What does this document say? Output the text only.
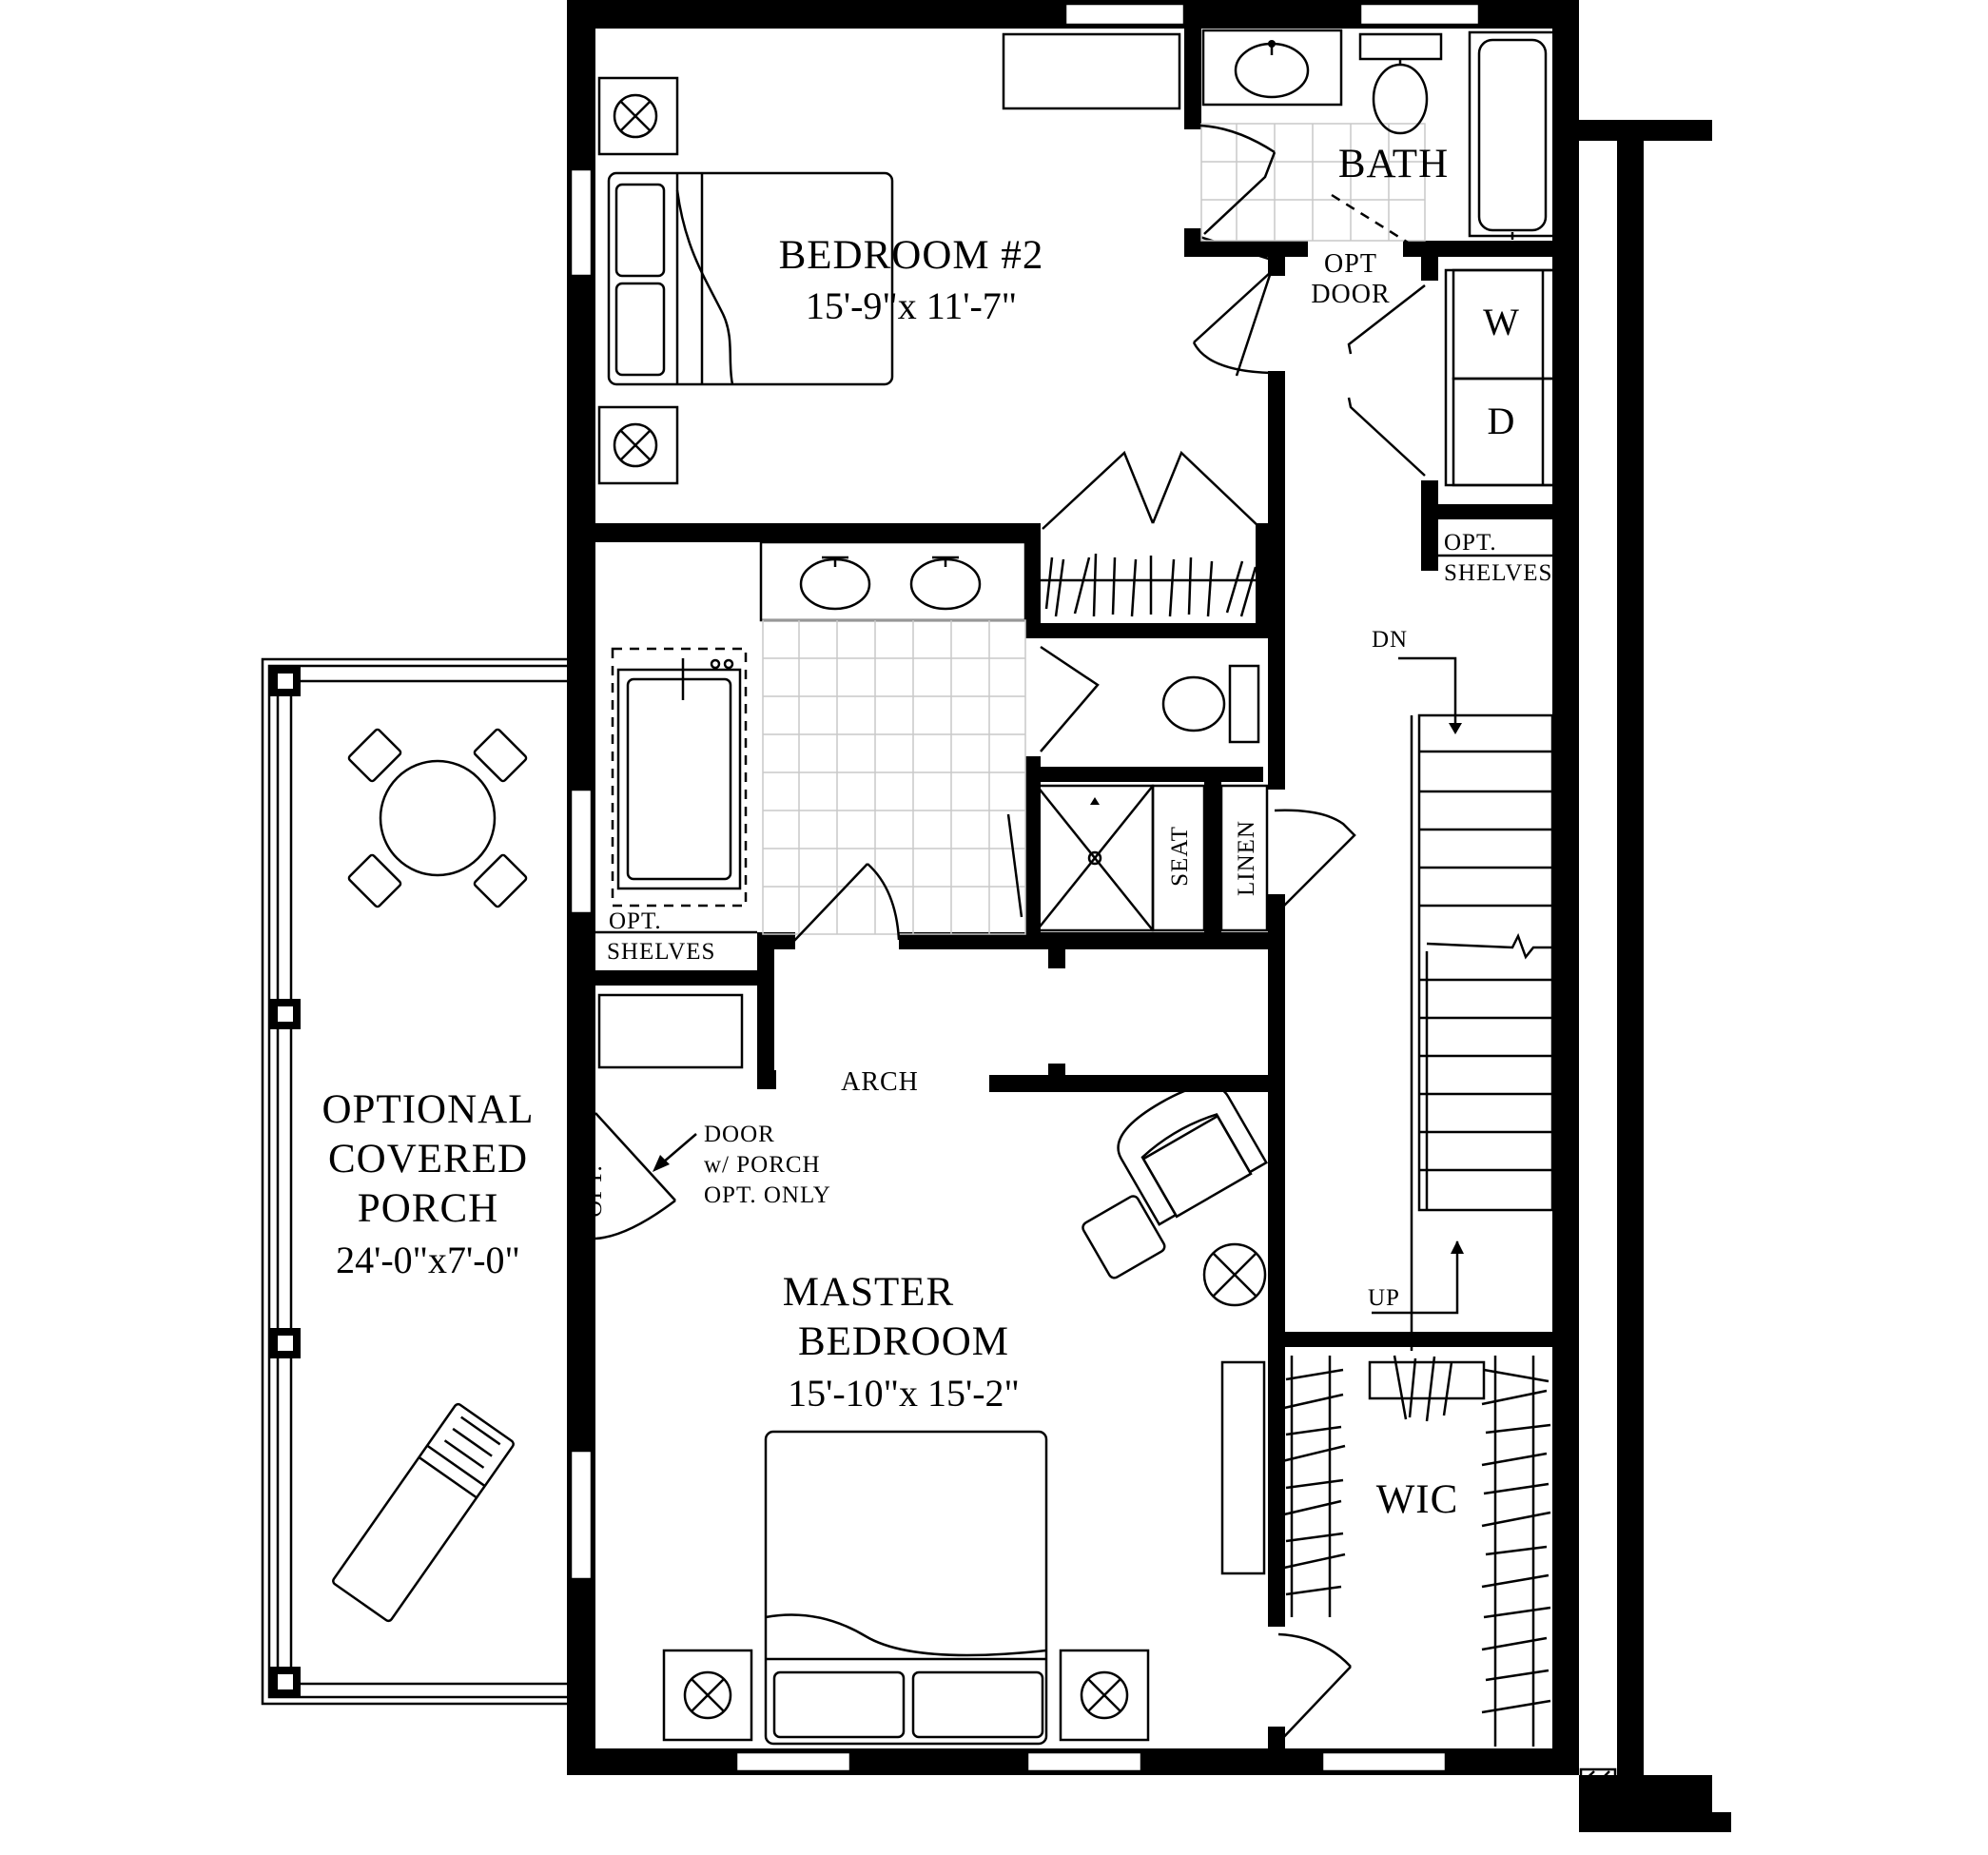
OPTIONAL
COVERED
PORCH
24'-0"x7'-0"
BEDROOM #2
15'-9"x 11'-7"
BATH
OPT
DOOR
W
D
OPT.
SHELVES
DN
UP
SEAT LINEN
OPT.
SHELVES
ARCH
OPT.
DOOR
w/ PORCH
OPT. ONLY
MASTER
BEDROOM
15'-10"x 15'-2"
WIC
